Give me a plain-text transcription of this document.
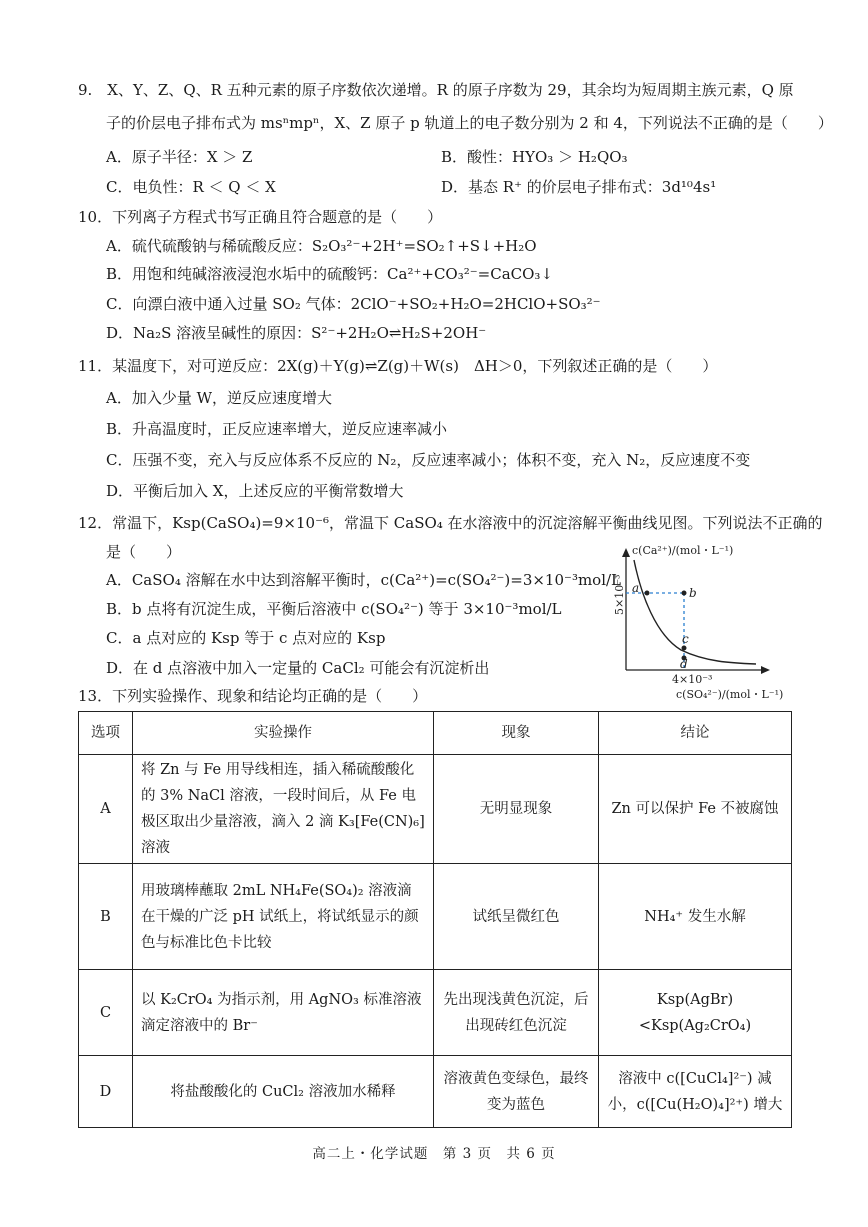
9.　X、Y、Z、Q、R 五种元素的原子序数依次递增。R 的原子序数为 29，其余均为短周期主族元素，Q 原
子的价层电子排布式为 msⁿmpⁿ，X、Z 原子 p 轨道上的电子数分别为 2 和 4，下列说法不正确的是（　　）
A．原子半径：X ＞ Z	B．酸性：HYO₃ ＞ H₂QO₃
C．电负性：R ＜ Q ＜ X	D．基态 R⁺ 的价层电子排布式：3d¹⁰4s¹
10．下列离子方程式书写正确且符合题意的是（　　）
A．硫代硫酸钠与稀硫酸反应：S₂O₃²⁻+2H⁺=SO₂↑+S↓+H₂O
B．用饱和纯碱溶液浸泡水垢中的硫酸钙：Ca²⁺+CO₃²⁻=CaCO₃↓
C．向漂白液中通入过量 SO₂ 气体：2ClO⁻+SO₂+H₂O=2HClO+SO₃²⁻
D．Na₂S 溶液呈碱性的原因：S²⁻+2H₂O⇌H₂S+2OH⁻
11．某温度下，对可逆反应：2X(g)＋Y(g)⇌Z(g)＋W(s)　ΔH＞0，下列叙述正确的是（　　）
A．加入少量 W，逆反应速度增大
B．升高温度时，正反应速率增大，逆反应速率减小
C．压强不变，充入与反应体系不反应的 N₂，反应速率减小；体积不变，充入 N₂，反应速度不变
D．平衡后加入 X，上述反应的平衡常数增大
12．常温下，Ksp(CaSO₄)=9×10⁻⁶，常温下 CaSO₄ 在水溶液中的沉淀溶解平衡曲线见图。下列说法不正确的
是（　　）
A．CaSO₄ 溶解在水中达到溶解平衡时，c(Ca²⁺)=c(SO₄²⁻)=3×10⁻³mol/L
B．b 点将有沉淀生成，平衡后溶液中 c(SO₄²⁻) 等于 3×10⁻³mol/L
C．a 点对应的 Ksp 等于 c 点对应的 Ksp
D．在 d 点溶液中加入一定量的 CaCl₂ 可能会有沉淀析出
a	b
c
d
c(Ca²⁺)/(mol・L⁻¹)
5×10⁻³
4×10⁻³
c(SO₄²⁻)/(mol・L⁻¹)
13．下列实验操作、现象和结论均正确的是（　　）
选项	实验操作	现象	结论
A	将 Zn 与 Fe 用导线相连，插入稀硫酸酸化的 3% NaCl 溶液，一段时间后，从 Fe 电极区取出少量溶液，滴入 2 滴 K₃[Fe(CN)₆] 溶液	无明显现象	Zn 可以保护 Fe 不被腐蚀
B	用玻璃棒蘸取 2mL NH₄Fe(SO₄)₂ 溶液滴在干燥的广泛 pH 试纸上，将试纸显示的颜色与标准比色卡比较	试纸呈微红色	NH₄⁺ 发生水解
C	以 K₂CrO₄ 为指示剂，用 AgNO₃ 标准溶液滴定溶液中的 Br⁻	先出现浅黄色沉淀，后出现砖红色沉淀	Ksp(AgBr)<Ksp(Ag₂CrO₄)
D	将盐酸酸化的 CuCl₂ 溶液加水稀释	溶液黄色变绿色，最终变为蓝色	溶液中 c([CuCl₄]²⁻) 减小，c([Cu(H₂O)₄]²⁺) 增大
高二上・化学试题　第 3 页　共 6 页
